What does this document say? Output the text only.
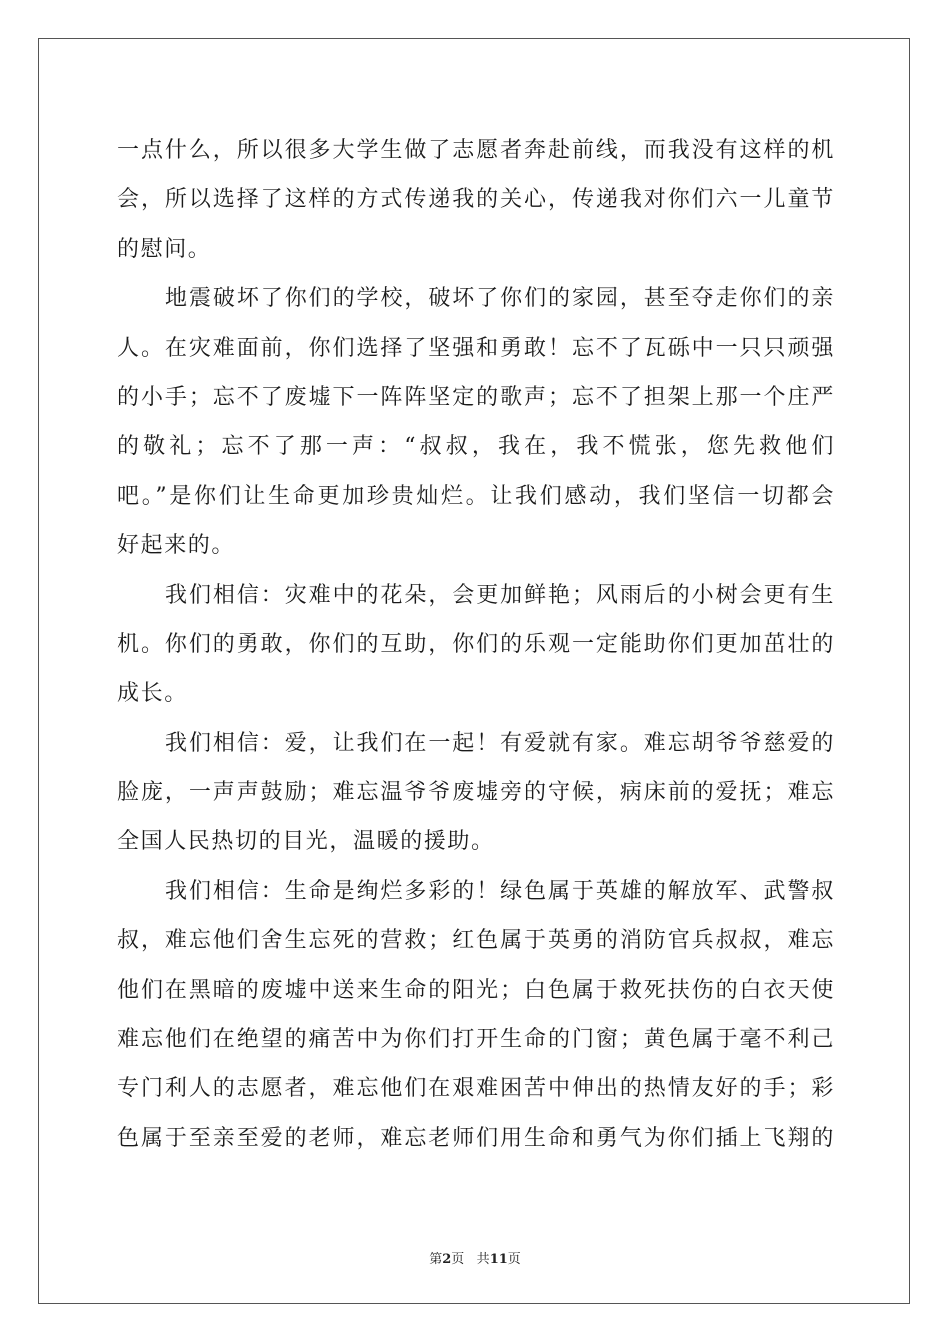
一点什么，所以很多大学生做了志愿者奔赴前线，而我没有这样的机
会，所以选择了这样的方式传递我的关心，传递我对你们六一儿童节
的慰问。
地震破坏了你们的学校，破坏了你们的家园，甚至夺走你们的亲
人。在灾难面前，你们选择了坚强和勇敢！忘不了瓦砾中一只只顽强
的小手；忘不了废墟下一阵阵坚定的歌声；忘不了担架上那一个庄严
的敬礼；忘不了那一声：“叔叔，我在，我不慌张，您先救他们
吧。”是你们让生命更加珍贵灿烂。让我们感动，我们坚信一切都会
好起来的。
我们相信：灾难中的花朵，会更加鲜艳；风雨后的小树会更有生
机。你们的勇敢，你们的互助，你们的乐观一定能助你们更加茁壮的
成长。
我们相信：爱，让我们在一起！有爱就有家。难忘胡爷爷慈爱的
脸庞，一声声鼓励；难忘温爷爷废墟旁的守候，病床前的爱抚；难忘
全国人民热切的目光，温暖的援助。
我们相信：生命是绚烂多彩的！绿色属于英雄的解放军、武警叔
叔，难忘他们舍生忘死的营救；红色属于英勇的消防官兵叔叔，难忘
他们在黑暗的废墟中送来生命的阳光；白色属于救死扶伤的白衣天使
难忘他们在绝望的痛苦中为你们打开生命的门窗；黄色属于毫不利己
专门利人的志愿者，难忘他们在艰难困苦中伸出的热情友好的手；彩
色属于至亲至爱的老师，难忘老师们用生命和勇气为你们插上飞翔的
第2页 共11页
